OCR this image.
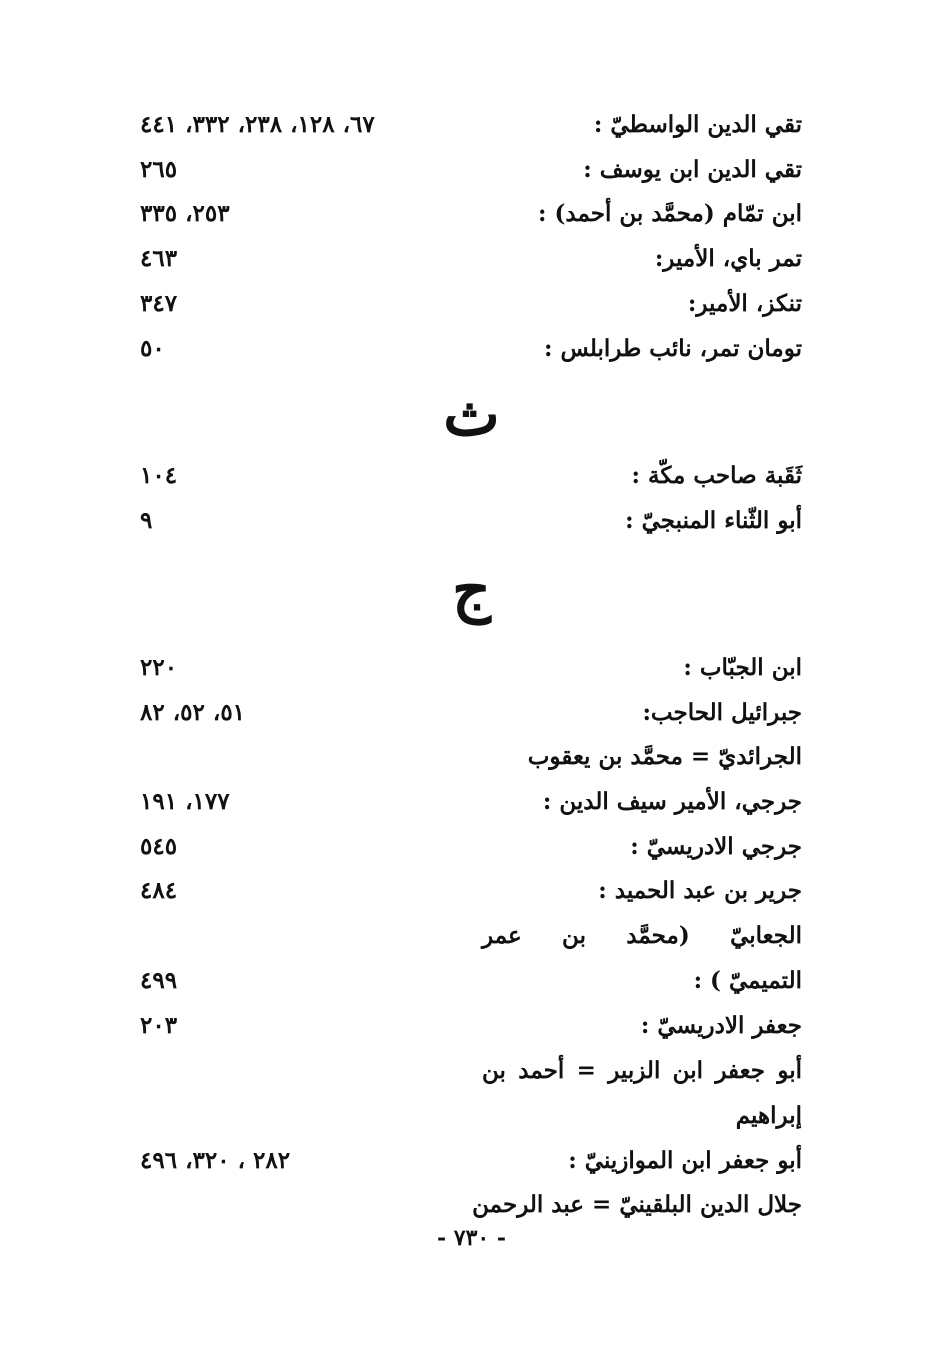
تقي الدين الواسطيّ :
٦٧، ١٢٨، ٢٣٨، ٣٣٢، ٤٤١
تقي الدين ابن يوسف :
٢٦٥
ابن تمّام (محمَّد بن أحمد) :
٢٥٣، ٣٣٥
تمر باي، الأمير:
٤٦٣
تنكز، الأمير:
٣٤٧
تومان تمر، نائب طرابلس :
٥٠
ث
ثَقَبة صاحب مكّة :
١٠٤
أبو الثّناء المنبجيّ :
٩
ج
ابن الجبّاب :
٢٢٠
جبرائيل الحاجب:
٥١، ٥٢، ٨٢
الجرائديّ = محمَّد بن يعقوب
جرجي، الأمير سيف الدين :
١٧٧، ١٩١
جرجي الادريسيّ :
٥٤٥
جرير بن عبد الحميد :
٤٨٤
الجعابيّ (محمَّد بن عمر
التميميّ ) :
٤٩٩
جعفر الادريسيّ :
٢٠٣
أبو جعفر ابن الزبير = أحمد بن
إبراهيم
أبو جعفر ابن الموازينيّ :
٢٨٢ ، ٣٢٠، ٤٩٦
جلال الدين البلقينيّ = عبد الرحمن
- ٧٣٠ -
